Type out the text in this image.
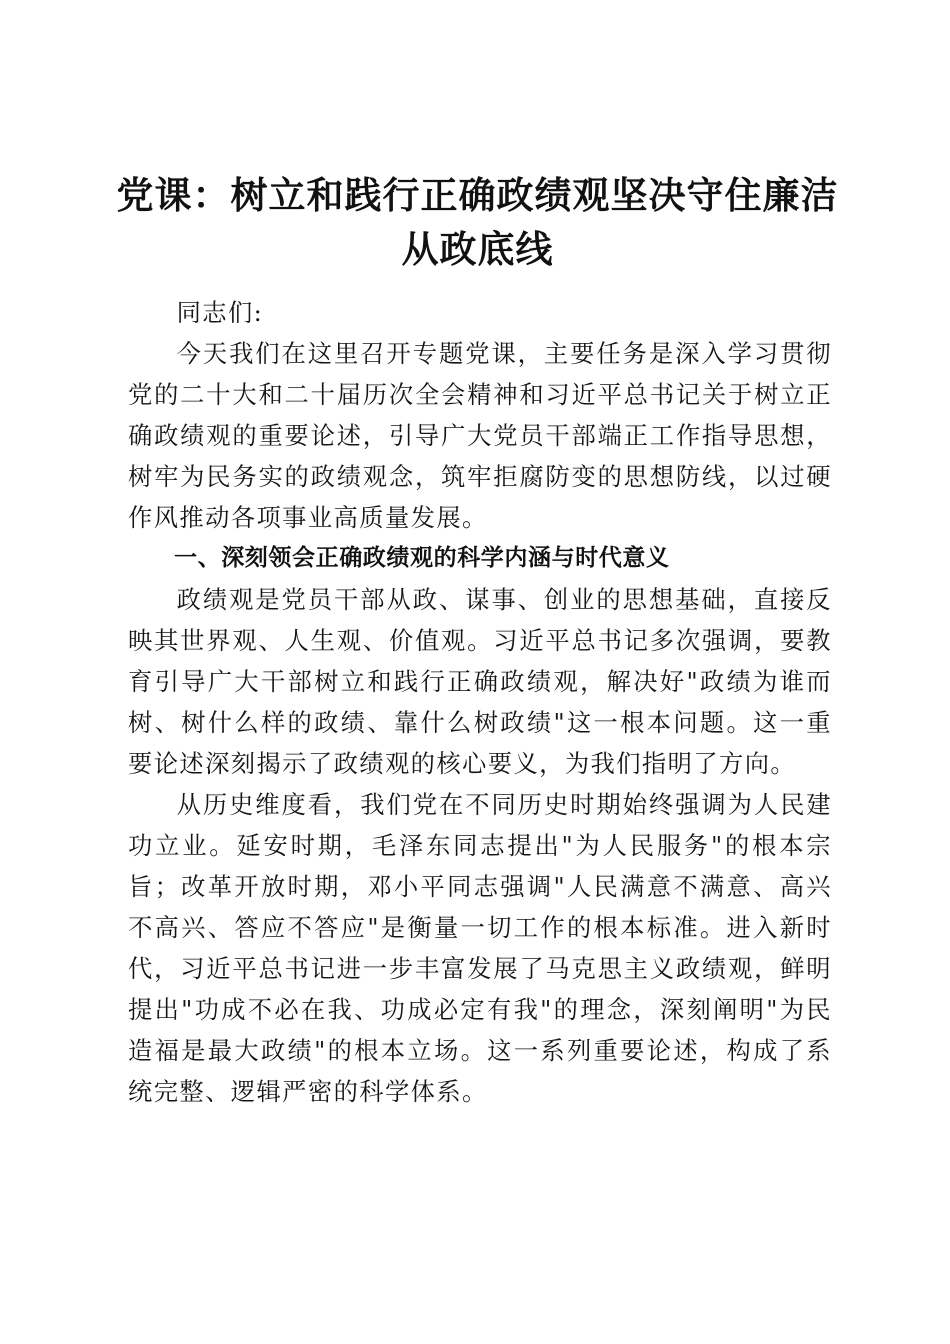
党课：树立和践行正确政绩观坚决守住廉洁从政底线

同志们:

今天我们在这里召开专题党课，主要任务是深入学习贯彻党的二十大和二十届历次全会精神和习近平总书记关于树立正确政绩观的重要论述，引导广大党员干部端正工作指导思想，树牢为民务实的政绩观念，筑牢拒腐防变的思想防线，以过硬作风推动各项事业高质量发展。

一、深刻领会正确政绩观的科学内涵与时代意义

政绩观是党员干部从政、谋事、创业的思想基础，直接反映其世界观、人生观、价值观。习近平总书记多次强调，要教育引导广大干部树立和践行正确政绩观，解决好"政绩为谁而树、树什么样的政绩、靠什么树政绩"这一根本问题。这一重要论述深刻揭示了政绩观的核心要义，为我们指明了方向。

从历史维度看，我们党在不同历史时期始终强调为人民建功立业。延安时期，毛泽东同志提出"为人民服务"的根本宗旨；改革开放时期，邓小平同志强调"人民满意不满意、高兴不高兴、答应不答应"是衡量一切工作的根本标准。进入新时代，习近平总书记进一步丰富发展了马克思主义政绩观，鲜明提出"功成不必在我、功成必定有我"的理念，深刻阐明"为民造福是最大政绩"的根本立场。这一系列重要论述，构成了系统完整、逻辑严密的科学体系。
